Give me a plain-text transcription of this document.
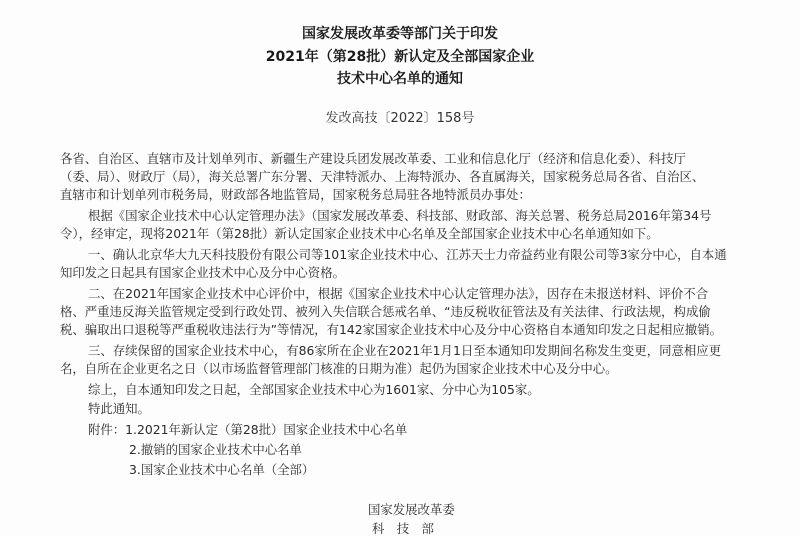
国家发展改革委等部门关于印发
2021年（第28批）新认定及全部国家企业
技术中心名单的通知
发改高技〔2022〕158号
各省、自治区、直辖市及计划单列市、新疆生产建设兵团发展改革委、工业和信息化厅（经济和信息化委）、科技厅
（委、局）、财政厅（局），海关总署广东分署、天津特派办、上海特派办、各直属海关，国家税务总局各省、自治区、
直辖市和计划单列市税务局，财政部各地监管局，国家税务总局驻各地特派员办事处：
根据《国家企业技术中心认定管理办法》（国家发展改革委、科技部、财政部、海关总署、税务总局2016年第34号
令），经审定，现将2021年（第28批）新认定国家企业技术中心名单及全部国家企业技术中心名单通知如下。
一、确认北京华大九天科技股份有限公司等101家企业技术中心、江苏天士力帝益药业有限公司等3家分中心，自本通
知印发之日起具有国家企业技术中心及分中心资格。
二、在2021年国家企业技术中心评价中，根据《国家企业技术中心认定管理办法》，因存在未报送材料、评价不合
格、严重违反海关监管规定受到行政处罚、被列入失信联合惩戒名单、“违反税收征管法及有关法律、行政法规，构成偷
税、骗取出口退税等严重税收违法行为”等情况，有142家国家企业技术中心及分中心资格自本通知印发之日起相应撤销。
三、存续保留的国家企业技术中心，有86家所在企业在2021年1月1日至本通知印发期间名称发生变更，同意相应更
名，自所在企业更名之日（以市场监督管理部门核准的日期为准）起仍为国家企业技术中心及分中心。
综上，自本通知印发之日起，全部国家企业技术中心为1601家、分中心为105家。
特此通知。
附件：1.2021年新认定（第28批）国家企业技术中心名单
2.撤销的国家企业技术中心名单
3.国家企业技术中心名单（全部）
国家发展改革委
科　技　部
